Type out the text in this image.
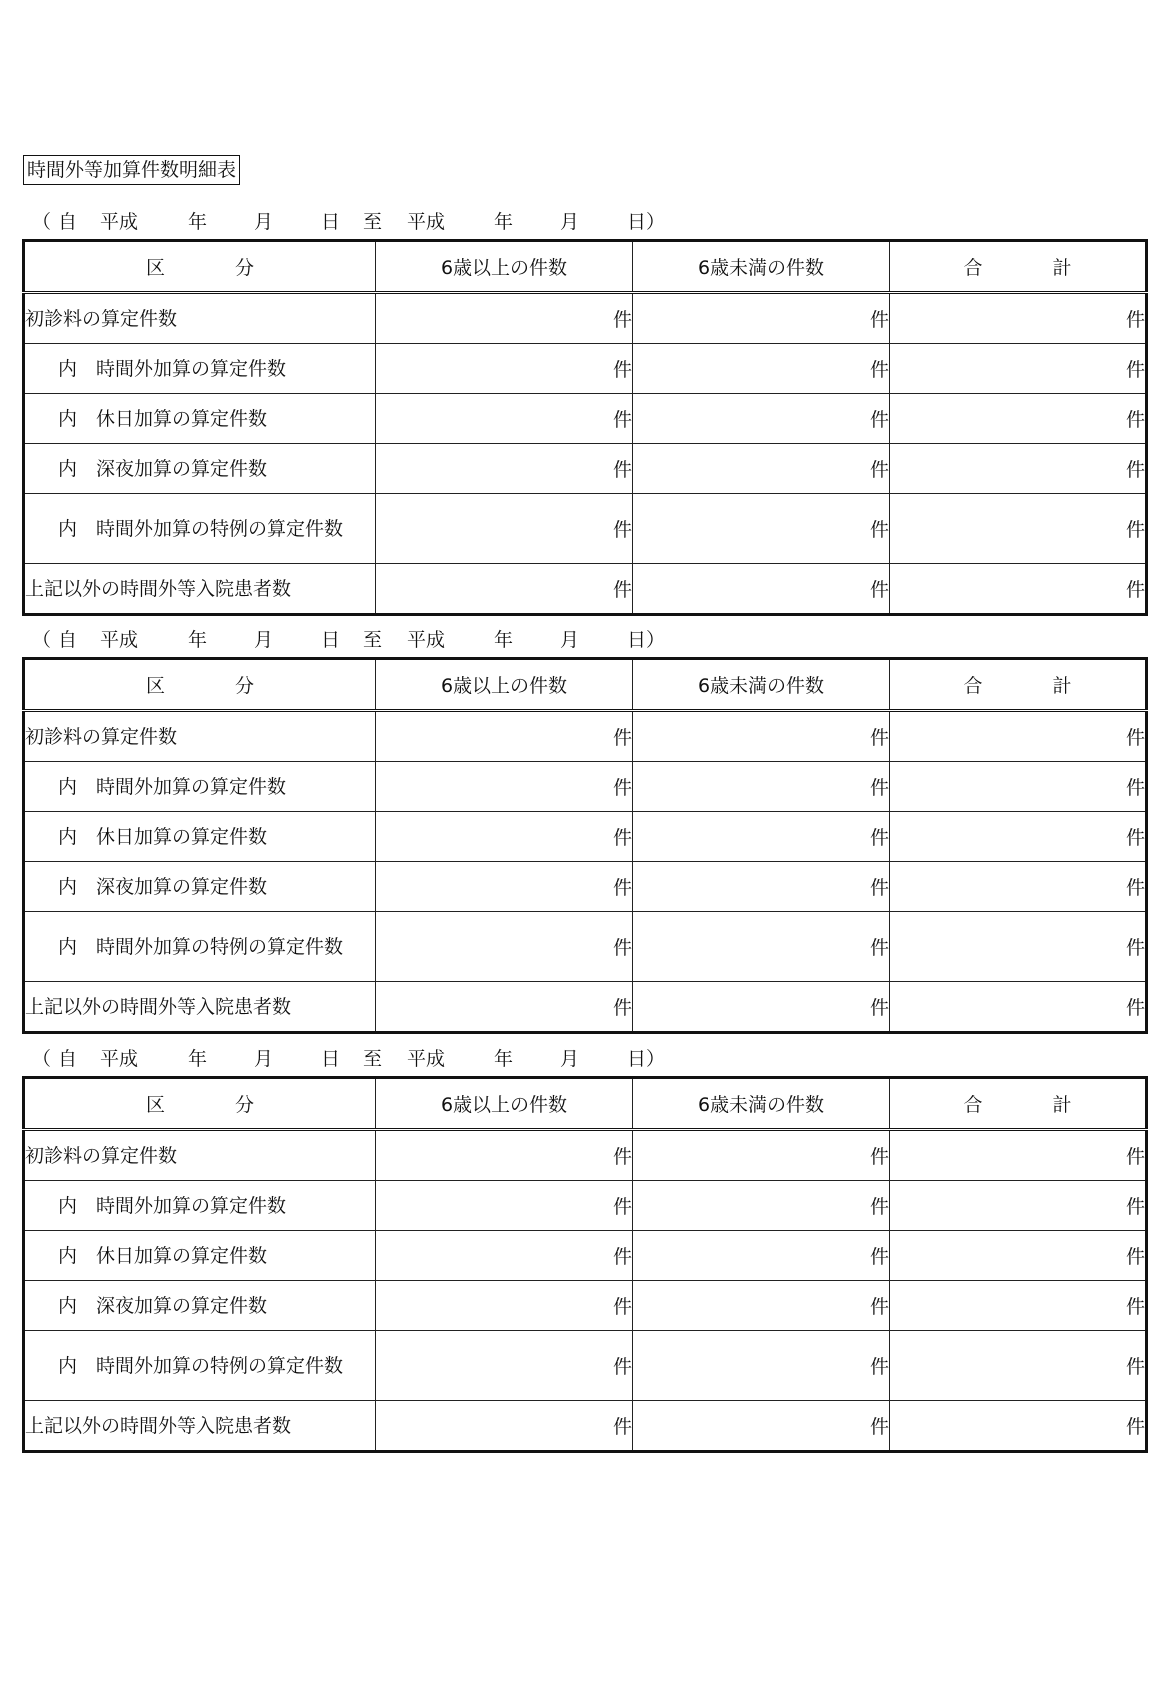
時間外等加算件数明細表
（ 自 平成	年 月	日 至 平成	年 月	日）
区 分	6歳以上の件数	6歳未満の件数	合 計
初診料の算定件数	件	件	件
内　時間外加算の算定件数	件	件	件
内　休日加算の算定件数	件	件	件
内　深夜加算の算定件数	件	件	件
内　時間外加算の特例の算定件数	件	件	件
上記以外の時間外等入院患者数	件	件	件
（ 自 平成	年 月	日 至 平成	年 月	日）
区 分	6歳以上の件数	6歳未満の件数	合 計
初診料の算定件数	件	件	件
内　時間外加算の算定件数	件	件	件
内　休日加算の算定件数	件	件	件
内　深夜加算の算定件数	件	件	件
内　時間外加算の特例の算定件数	件	件	件
上記以外の時間外等入院患者数	件	件	件
（ 自 平成	年 月	日 至 平成	年 月	日）
区 分	6歳以上の件数	6歳未満の件数	合 計
初診料の算定件数	件	件	件
内　時間外加算の算定件数	件	件	件
内　休日加算の算定件数	件	件	件
内　深夜加算の算定件数	件	件	件
内　時間外加算の特例の算定件数	件	件	件
上記以外の時間外等入院患者数	件	件	件
